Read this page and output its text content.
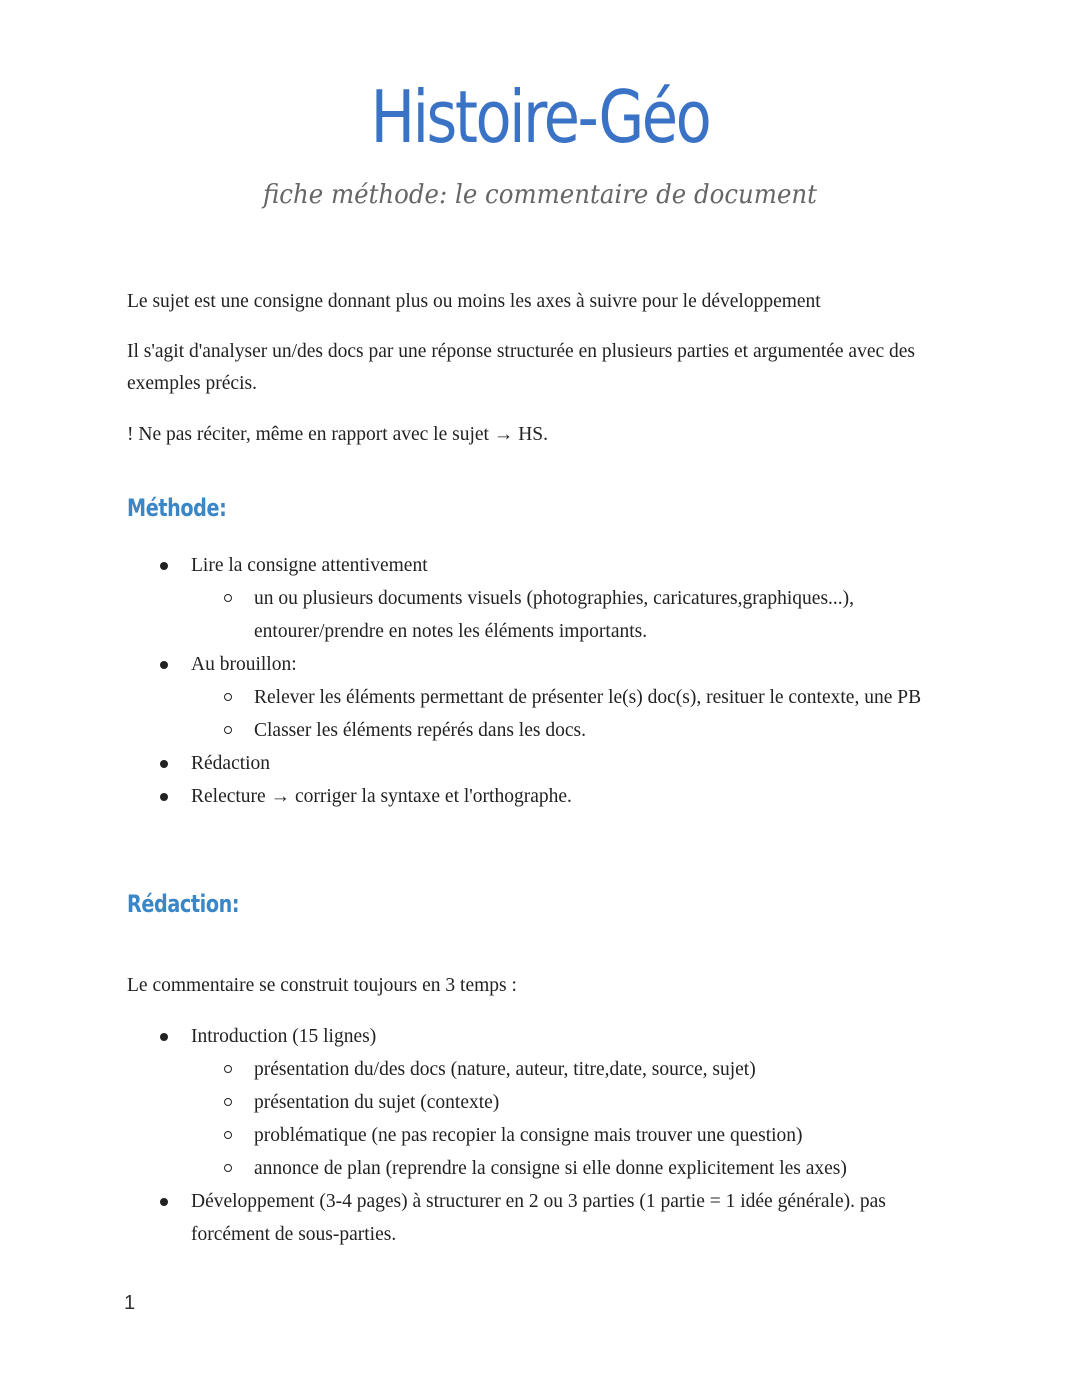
Histoire-Géo

fiche méthode: le commentaire de document

Le sujet est une consigne donnant plus ou moins les axes à suivre pour le développement

Il s'agit d'analyser un/des docs par une réponse structurée en plusieurs parties et argumentée avec des exemples précis.

! Ne pas réciter, même en rapport avec le sujet → HS.

Méthode:
Lire la consigne attentivement
un ou plusieurs documents visuels (photographies, caricatures,graphiques...), entourer/prendre en notes les éléments importants.
Au brouillon:
Relever les éléments permettant de présenter le(s) doc(s), resituer le contexte, une PB
Classer les éléments repérés dans les docs.
Rédaction
Relecture → corriger la syntaxe et l'orthographe.
Rédaction:

Le commentaire se construit toujours en 3 temps :

Introduction (15 lignes)
présentation du/des docs (nature, auteur, titre,date, source, sujet)
présentation du sujet (contexte)
problématique (ne pas recopier la consigne mais trouver une question)
annonce de plan (reprendre la consigne si elle donne explicitement les axes)
Développement (3-4 pages) à structurer en 2 ou 3 parties (1 partie = 1 idée générale). pas forcément de sous-parties.

1
